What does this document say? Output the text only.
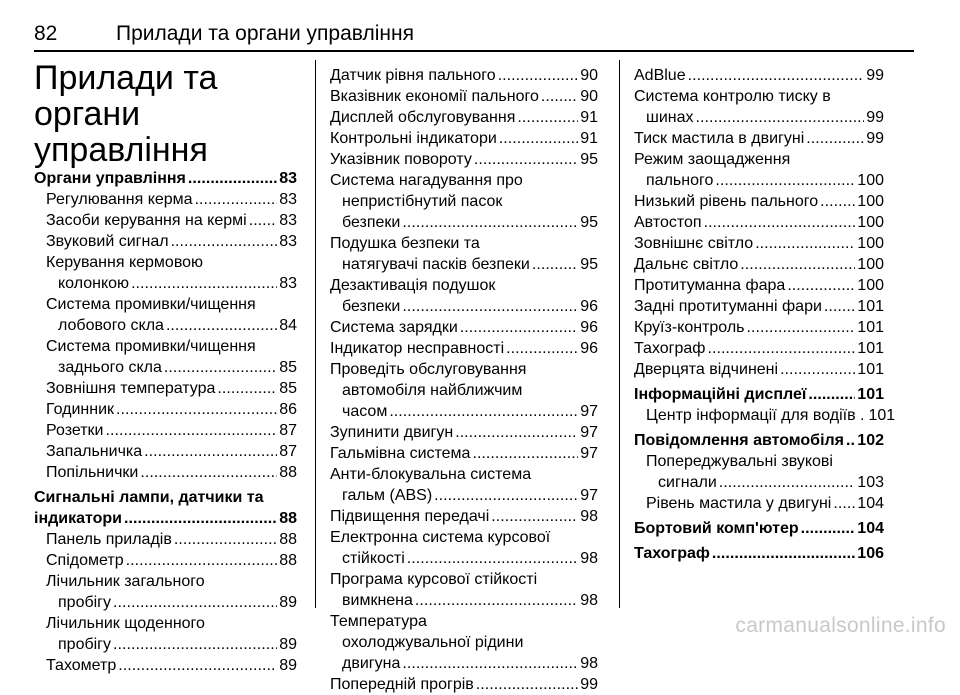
82	Прилади та органи управління
Прилади та органи
управління
Органи управління . . .	83
Регулювання керма . . .	83
Засоби керування на кермі . . . 83
Звуковий сигнал . . .	83
Керування кермовою
колонкою . . .	83
Система промивки/чищення
лобового скла . . .	84
Система промивки/чищення
заднього скла . . .	85
Зовнішня температура . . .	85
Годинник . . .	86
Розетки . . .	87
Запальничка . . .	87
Попільнички . . .	88
Сигнальні лампи, датчики та
індикатори . . .	88
Панель приладів . . .	88
Спідометр . . .	88
Лічильник загального
пробігу . . .	89
Лічильник щоденного
пробігу . . .	89
Тахометр . . .	89
Датчик рівня пального . . .	90
Вказівник економії пального . . .	90
Дисплей обслуговування . . .	91
Контрольні індикатори . . .	91
Указівник повороту . . .	95
Система нагадування про
непристібнутий пасок
безпеки . . .	95
Подушка безпеки та
натягувачі пасків безпеки . . .	95
Дезактивація подушок
безпеки . . .	96
Система зарядки . . .	96
Індикатор несправності . . .	96
Проведіть обслуговування
автомобіля найближчим
часом . . .	97
Зупинити двигун . . .	97
Гальмівна система . . .	97
Анти-блокувальна система
гальм (ABS) . . .	97
Підвищення передачі . . .	98
Електронна система курсової
стійкості . . .	98
Програма курсової стійкості
вимкнена . . .	98
Температура
охолоджувальної рідини
двигуна . . .	98
Попередній прогрів . . .	99
AdBlue . . .	99
Система контролю тиску в
шинах . . .	99
Тиск мастила в двигуні . . .	99
Режим заощадження
пального . . .	100
Низький рівень пального . . . 100
Автостоп . . .	100
Зовнішнє світло . . .	100
Дальнє світло . . .	100
Протитуманна фара . . .	100
Задні протитуманні фари . . . 101
Круїз-контроль . . .	101
Тахограф . . .	101
Дверцята відчинені . . .	101
Інформаційні дисплеї . . .	101
Центр інформації для водіїв . 101
Повідомлення автомобіля . . . 102
Попереджувальні звукові
сигнали . . .	103
Рівень мастила у двигуні . . . 104
Бортовий комп'ютер . . .	104
Тахограф . . .	106
carmanualsonline.info
